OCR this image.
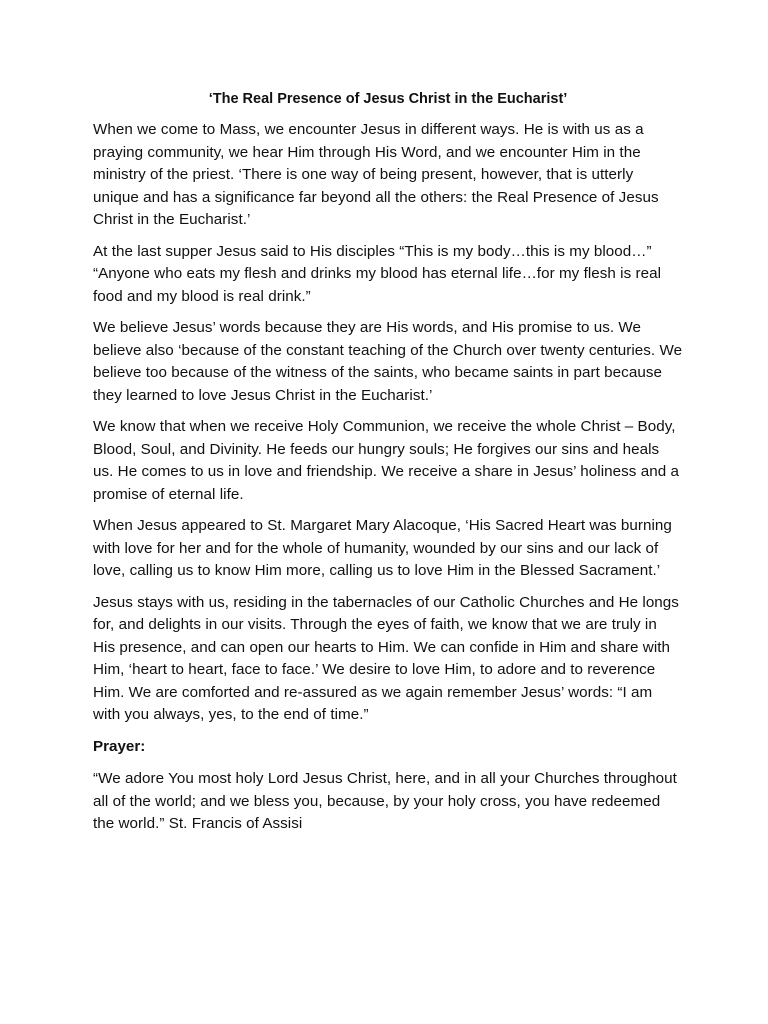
‘The Real Presence of Jesus Christ in the Eucharist’

When we come to Mass, we encounter Jesus in different ways. He is with us as a praying community, we hear Him through His Word, and we encounter Him in the ministry of the priest. ‘There is one way of being present, however, that is utterly unique and has a significance far beyond all the others: the Real Presence of Jesus Christ in the Eucharist.’

At the last supper Jesus said to His disciples “This is my body…this is my blood…” “Anyone who eats my flesh and drinks my blood has eternal life…for my flesh is real food and my blood is real drink.”

We believe Jesus’ words because they are His words, and His promise to us. We believe also ‘because of the constant teaching of the Church over twenty centuries. We believe too because of the witness of the saints, who became saints in part because they learned to love Jesus Christ in the Eucharist.’

We know that when we receive Holy Communion, we receive the whole Christ – Body, Blood, Soul, and Divinity. He feeds our hungry souls; He forgives our sins and heals us. He comes to us in love and friendship. We receive a share in Jesus’ holiness and a promise of eternal life.

When Jesus appeared to St. Margaret Mary Alacoque, ‘His Sacred Heart was burning with love for her and for the whole of humanity, wounded by our sins and our lack of love, calling us to know Him more, calling us to love Him in the Blessed Sacrament.’

Jesus stays with us, residing in the tabernacles of our Catholic Churches and He longs for, and delights in our visits. Through the eyes of faith, we know that we are truly in His presence, and can open our hearts to Him. We can confide in Him and share with Him, ‘heart to heart, face to face.’ We desire to love Him, to adore and to reverence Him. We are comforted and re-assured as we again remember Jesus’ words: “I am with you always, yes, to the end of time.”

Prayer:

“We adore You most holy Lord Jesus Christ, here, and in all your Churches throughout all of the world; and we bless you, because, by your holy cross, you have redeemed the world.” St. Francis of Assisi
